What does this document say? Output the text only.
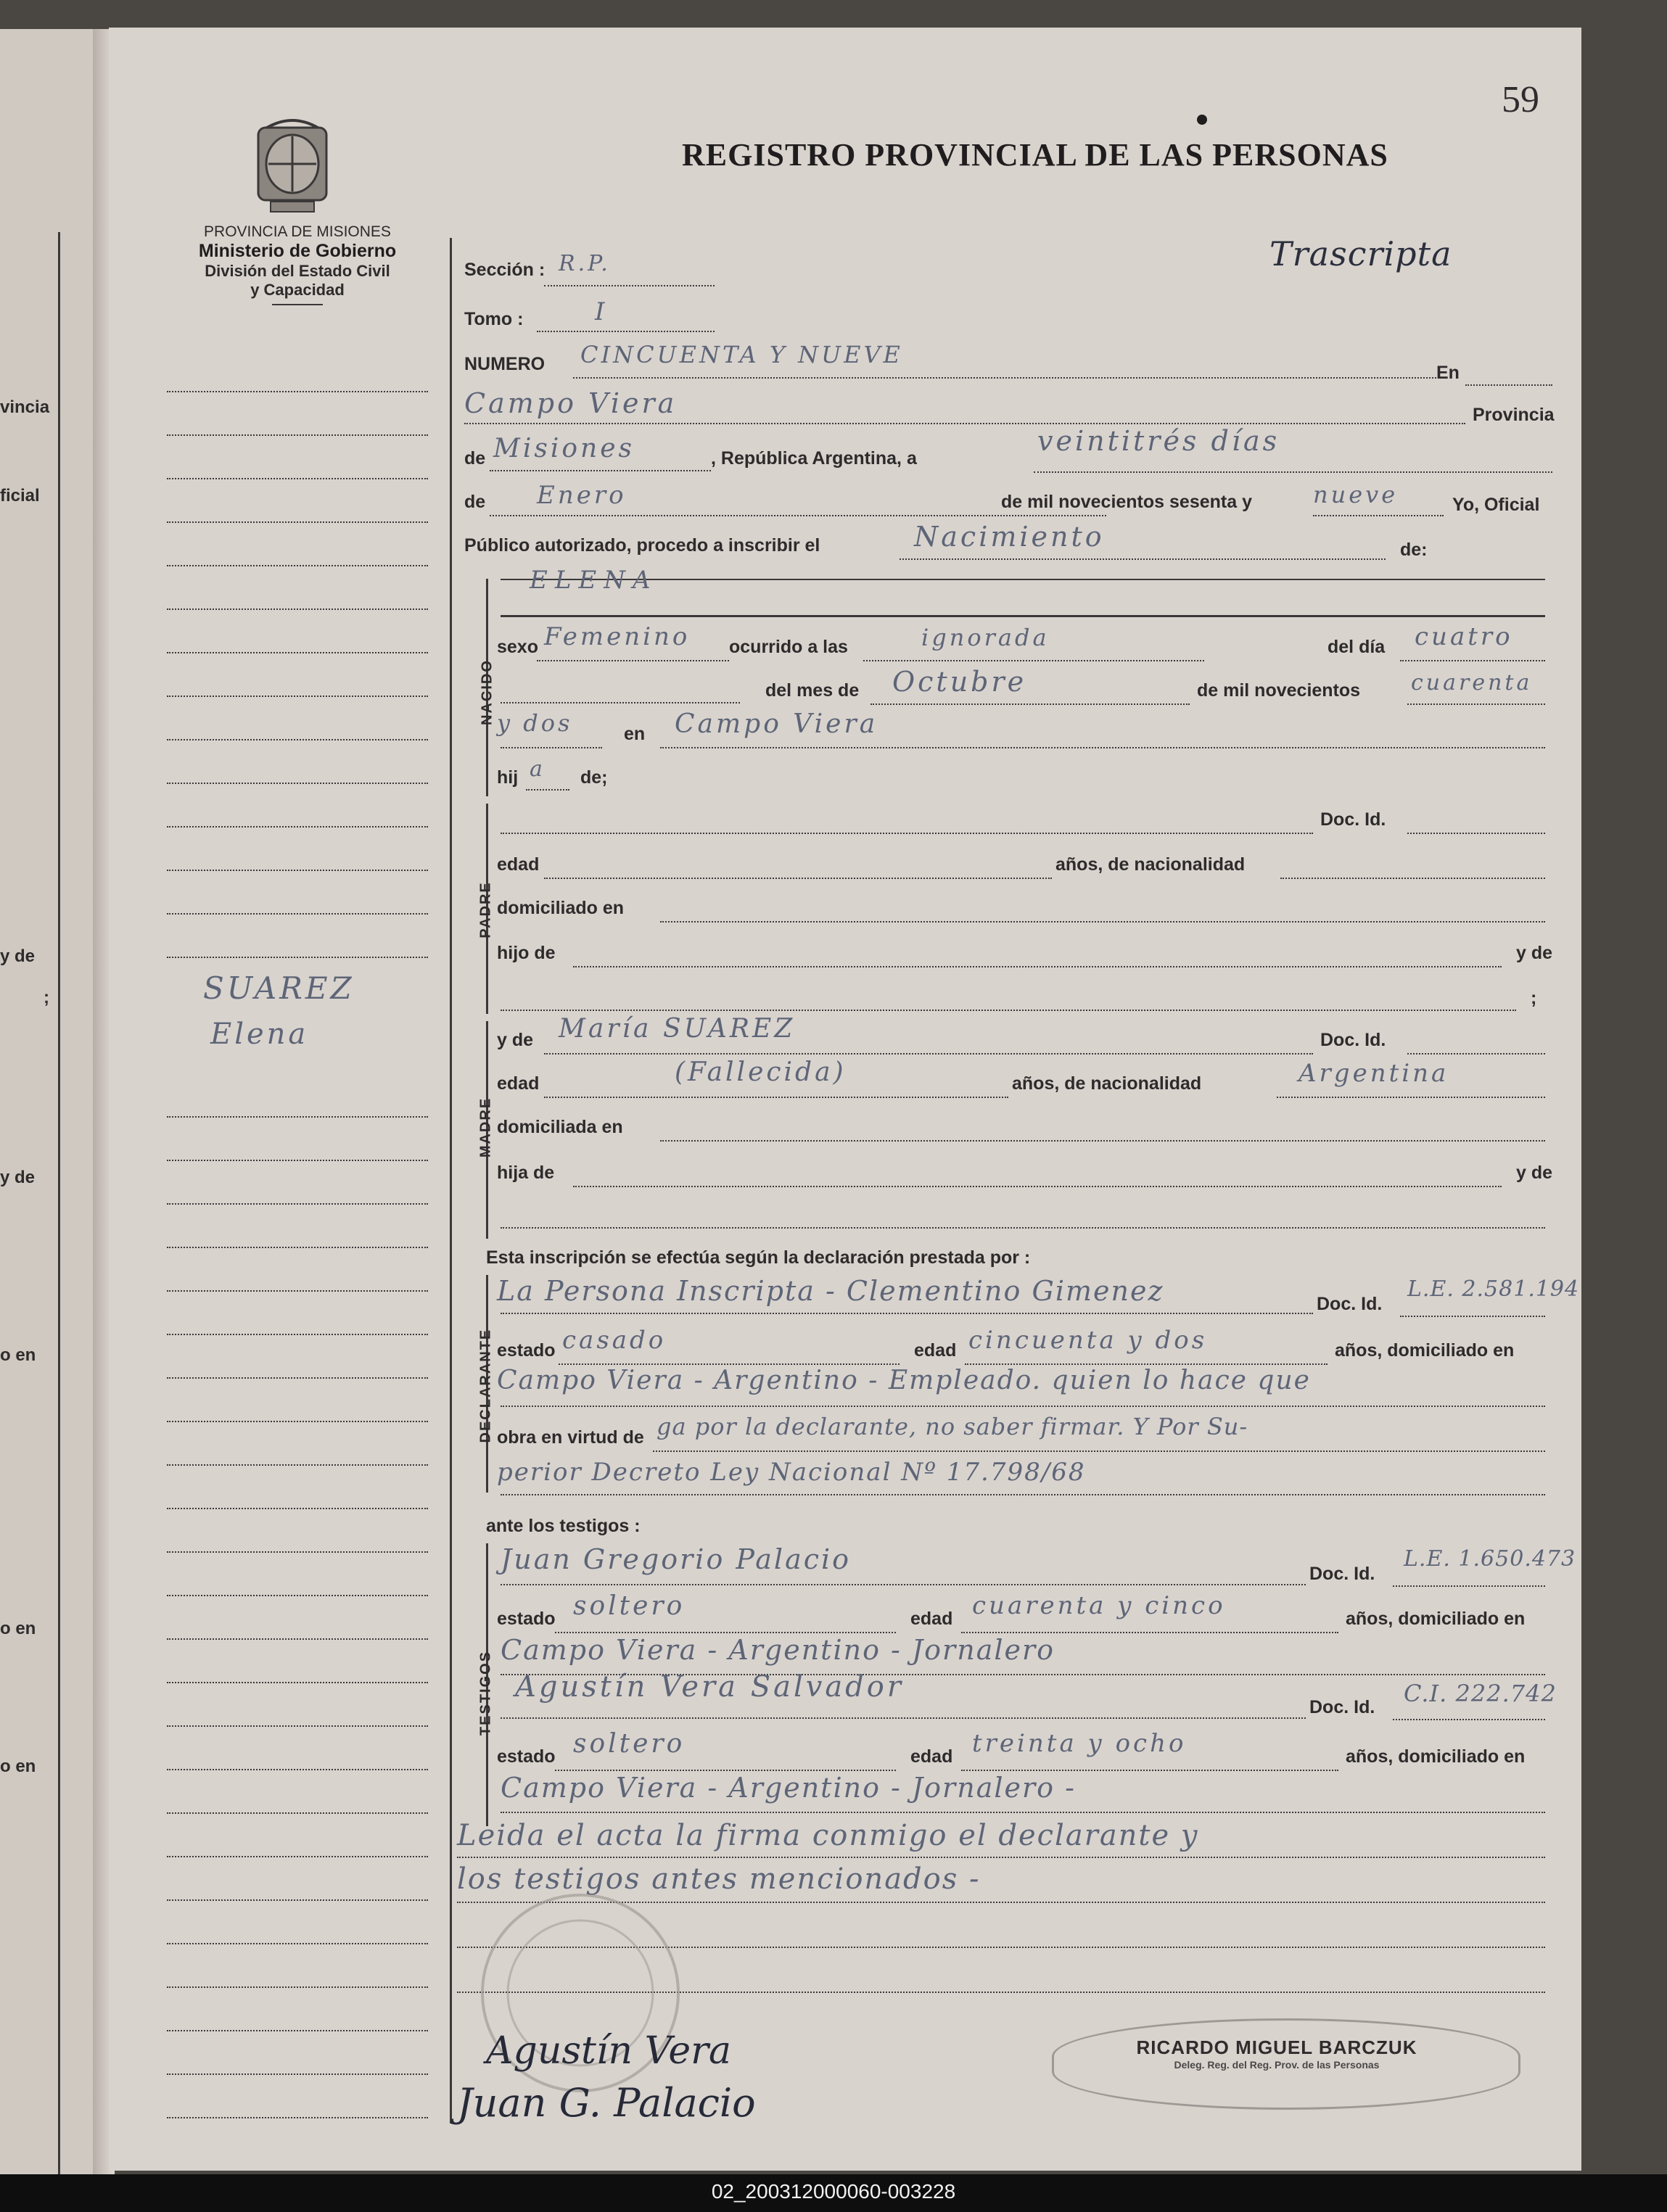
vincia
ficial
y de
;
y de
o en
o en
o en
59
PROVINCIA DE MISIONES
Ministerio de Gobierno
División del Estado Civil
y Capacidad
REGISTRO PROVINCIAL DE LAS PERSONAS
Trascripta
SUAREZ
Elena
Sección : R.P.
Tomo :	I
NUMERO CINCUENTA Y NUEVE
En
Campo Viera	Provincia
de Misiones	, República Argentina, a
veintitrés días
de Enero	de mil novecientos sesenta y	nueve	Yo, Oficial
Público autorizado, procedo a inscribir el	Nacimiento	de:
NACIDO
ELENA
sexo Femenino ocurrido a las	ignorada	del día cuatro
del mes de Octubre	de mil novecientos cuarenta
y dos	en Campo Viera
hij a de;
PADRE
Doc. Id.
edad	años, de nacionalidad
domiciliado en
hijo de	y de
;
MADRE
y de María SUAREZ	Doc. Id.
edad	(Fallecida)	años, de nacionalidad	Argentina
domiciliada en
hija de	y de
Esta inscripción se efectúa según la declaración prestada por :
DECLARANTE
La Persona Inscripta - Clementino Gimenez	Doc. Id.
L.E. 2.581.194
estado casado	edad cincuenta y dos	años, domiciliado en
Campo Viera - Argentino - Empleado. quien lo hace que
obra en virtud de ga por la declarante, no saber firmar. Y Por Su-
perior Decreto Ley Nacional Nº 17.798/68
ante los testigos :
TESTIGOS
Juan Gregorio Palacio	Doc. Id.
L.E. 1.650.473
estado soltero	edad cuarenta y cinco	años, domiciliado en
Campo Viera - Argentino - Jornalero
Agustín Vera Salvador
Doc. Id. C.I. 222.742
estado soltero	edad treinta y ocho	años, domiciliado en
Campo Viera - Argentino - Jornalero -
Leida el acta la firma conmigo el declarante y
los testigos antes mencionados -
Agustín Vera
Juan G. Palacio
RICARDO MIGUEL BARCZUK
Deleg. Reg. del Reg. Prov. de las Personas
02_200312000060-003228
